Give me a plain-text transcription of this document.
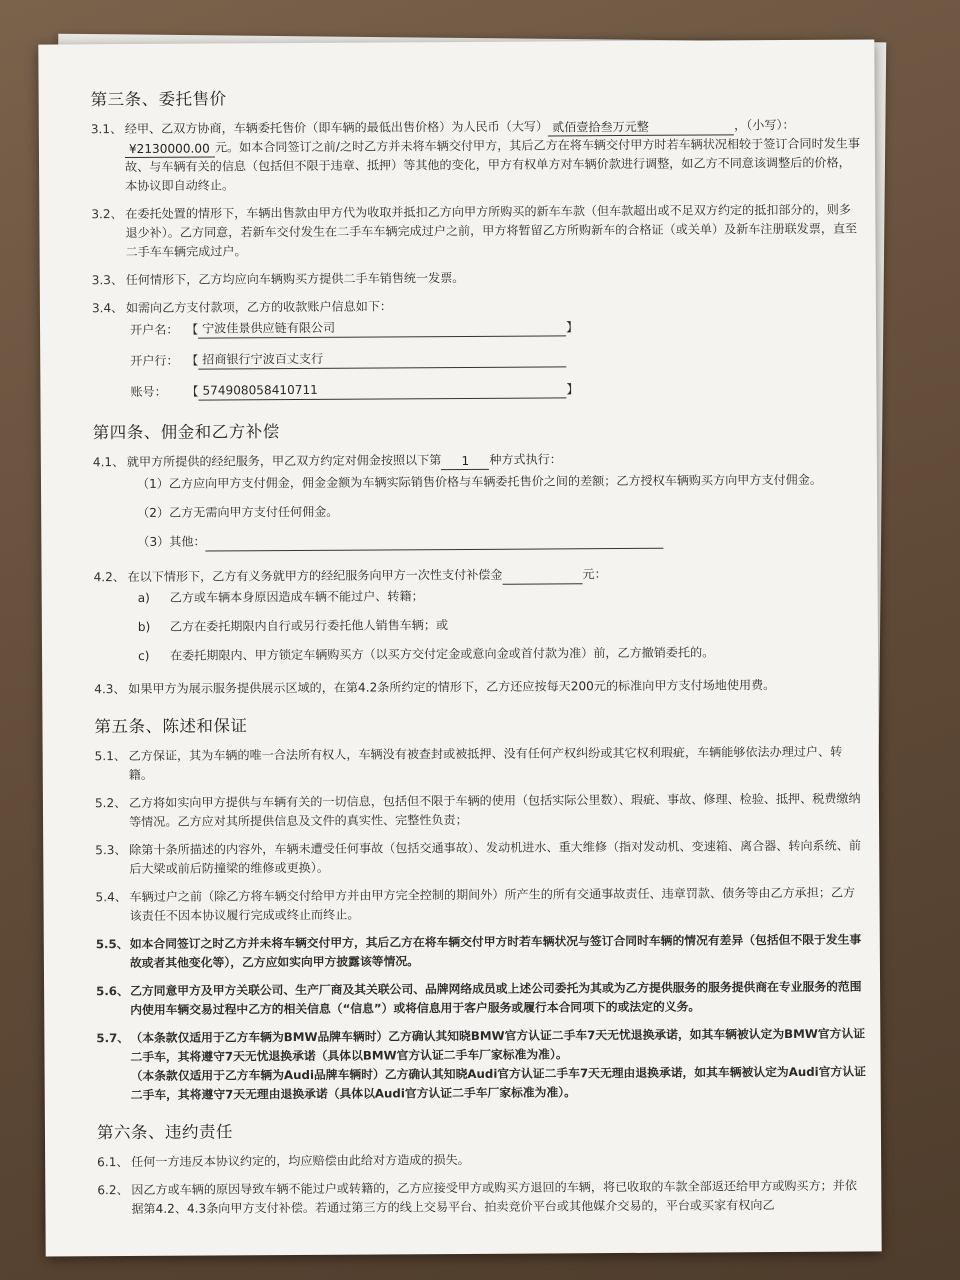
第三条、委托售价
3.1、 经甲、乙双方协商，车辆委托售价（即车辆的最低出售价格）为人民币（大写） 贰佰壹拾叁万元整	，（小写）：
¥2130000.00 元。如本合同签订之前/之时乙方并未将车辆交付甲方，其后乙方在将车辆交付甲方时若车辆状况相较于签订合同时发生事故、与车辆有关的信息（包括但不限于违章、抵押）等其他的变化，甲方有权单方对车辆价款进行调整，如乙方不同意该调整后的价格，本协议即自动终止。
3.2、 在委托处置的情形下，车辆出售款由甲方代为收取并抵扣乙方向甲方所购买的新车车款（但车款超出或不足双方约定的抵扣部分的，则多退少补）。乙方同意，若新车交付发生在二手车车辆完成过户之前，甲方将暂留乙方所购新车的合格证（或关单）及新车注册联发票，直至二手车车辆完成过户。
3.3、 任何情形下，乙方均应向车辆购买方提供二手车销售统一发票。
3.4、 如需向乙方支付款项，乙方的收款账户信息如下：
开户名： 【 宁波佳景供应链有限公司	】
开户行： 【 招商银行宁波百丈支行
账号：	【 574908058410711	】
第四条、佣金和乙方补偿
4.1、 就甲方所提供的经纪服务，甲乙双方约定对佣金按照以下第 1 种方式执行：
（1）乙方应向甲方支付佣金，佣金金额为车辆实际销售价格与车辆委托售价之间的差额；乙方授权车辆购买方向甲方支付佣金。
（2）乙方无需向甲方支付任何佣金。
（3）其他：
4.2、 在以下情形下，乙方有义务就甲方的经纪服务向甲方一次性支付补偿金	元：
a)	乙方或车辆本身原因造成车辆不能过户、转籍；
b)	乙方在委托期限内自行或另行委托他人销售车辆；或
c)	在委托期限内、甲方锁定车辆购买方（以买方交付定金或意向金或首付款为准）前，乙方撤销委托的。
4.3、 如果甲方为展示服务提供展示区域的，在第4.2条所约定的情形下，乙方还应按每天200元的标准向甲方支付场地使用费。
第五条、陈述和保证
5.1、 乙方保证，其为车辆的唯一合法所有权人，车辆没有被查封或被抵押、没有任何产权纠纷或其它权利瑕疵，车辆能够依法办理过户、转籍。
5.2、 乙方将如实向甲方提供与车辆有关的一切信息，包括但不限于车辆的使用（包括实际公里数）、瑕疵、事故、修理、检验、抵押、税费缴纳等情况。乙方应对其所提供信息及文件的真实性、完整性负责；
5.3、 除第十条所描述的内容外，车辆未遭受任何事故（包括交通事故）、发动机进水、重大维修（指对发动机、变速箱、离合器、转向系统、前后大梁或前后防撞梁的维修或更换）。
5.4、 车辆过户之前（除乙方将车辆交付给甲方并由甲方完全控制的期间外）所产生的所有交通事故责任、违章罚款、债务等由乙方承担；乙方该责任不因本协议履行完成或终止而终止。
5.5、 如本合同签订之时乙方并未将车辆交付甲方，其后乙方在将车辆交付甲方时若车辆状况与签订合同时车辆的情况有差异（包括但不限于发生事故或者其他变化等），乙方应如实向甲方披露该等情况。
5.6、 乙方同意甲方及甲方关联公司、生产厂商及其关联公司、品牌网络成员或上述公司委托为其或为乙方提供服务的服务提供商在专业服务的范围内使用车辆交易过程中乙方的相关信息（“信息”）或将信息用于客户服务或履行本合同项下的或法定的义务。
5.7、 （本条款仅适用于乙方车辆为BMW品牌车辆时）乙方确认其知晓BMW官方认证二手车7天无忧退换承诺，如其车辆被认定为BMW官方认证二手车，其将遵守7天无忧退换承诺（具体以BMW官方认证二手车厂家标准为准）。
（本条款仅适用于乙方车辆为Audi品牌车辆时）乙方确认其知晓Audi官方认证二手车7天无理由退换承诺，如其车辆被认定为Audi官方认证二手车，其将遵守7天无理由退换承诺（具体以Audi官方认证二手车厂家标准为准）。
第六条、违约责任
6.1、 任何一方违反本协议约定的，均应赔偿由此给对方造成的损失。
6.2、 因乙方或车辆的原因导致车辆不能过户或转籍的，乙方应接受甲方或购买方退回的车辆，将已收取的车款全部返还给甲方或购买方；并依据第4.2、4.3条向甲方支付补偿。若通过第三方的线上交易平台、拍卖竞价平台或其他媒介交易的，平台或买家有权向乙
